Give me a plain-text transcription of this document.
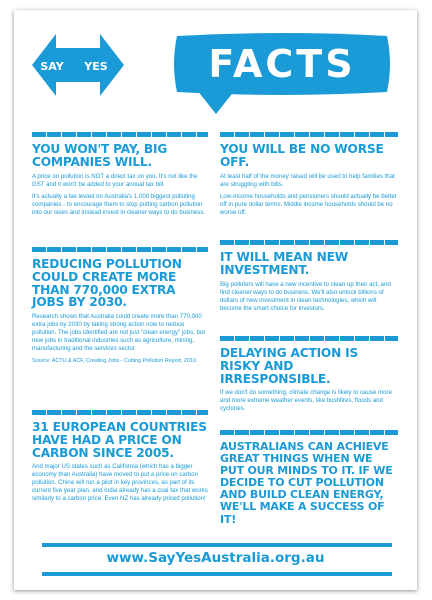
SAY YES	FACTS
YOU WON'T PAY, BIG COMPANIES WILL.

A price on pollution is NOT a direct tax on you. It's not like the GST and it won't be added to your annual tax bill.

It's actually a tax levied on Australia's 1,000 biggest polluting companies - to encourage them to stop putting carbon pollution into our skies and instead invest in cleaner ways to do business.

REDUCING POLLUTION COULD CREATE MORE THAN 770,000 EXTRA JOBS BY 2030.

Research shows that Australia could create more than 770,000 extra jobs by 2030 by taking strong action now to reduce pollution. The jobs identified are not just "clean energy" jobs, but new jobs in traditional industries such as agriculture, mining, manufacturing and the services sector.

Source: ACTU & ACF, Creating Jobs - Cutting Pollution Report, 2010.

31 EUROPEAN COUNTRIES HAVE HAD A PRICE ON CARBON SINCE 2005.

And major US states such as California (which has a bigger economy than Australia) have moved to put a price on carbon pollution. China will run a pilot in key provinces, as part of its current five year plan, and India already has a coal tax that works similarly to a carbon price. Even NZ has already priced pollution!

YOU WILL BE NO WORSE OFF.

At least half of the money raised will be used to help families that are struggling with bills.

Low-income households and pensioners should actually be better off in pure dollar terms. Middle income households should be no worse off.

IT WILL MEAN NEW INVESTMENT.

Big polluters will have a new incentive to clean up their act, and find cleaner ways to do business. We'll also unlock billions of dollars of new investment in clean technologies, which will become the smart choice for investors.

DELAYING ACTION IS RISKY AND IRRESPONSIBLE.

If we don't do something, climate change is likely to cause more and more extreme weather events, like bushfires, floods and cyclones.

AUSTRALIANS CAN ACHIEVE GREAT THINGS WHEN WE PUT OUR MINDS TO IT. IF WE DECIDE TO CUT POLLUTION AND BUILD CLEAN ENERGY, WE'LL MAKE A SUCCESS OF IT!
www.SayYesAustralia.org.au
